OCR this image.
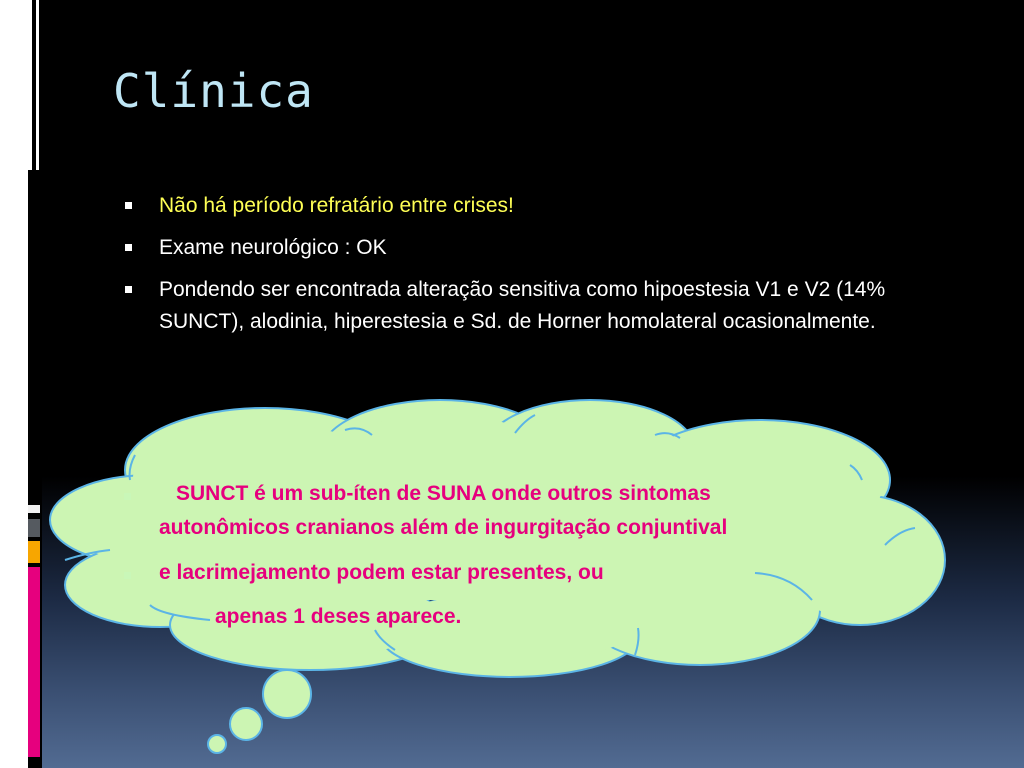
Clínica
Não há período refratário entre crises!
Exame neurológico : OK
Pondendo ser encontrada alteração sensitiva como hipoestesia V1 e V2 (14% SUNCT), alodinia, hiperestesia e Sd. de Horner homolateral ocasionalmente.
SUNCT é um sub-íten de SUNA onde outros sintomas
autonômicos cranianos além de ingurgitação conjuntival
e lacrimejamento podem estar presentes, ou
apenas 1 deses aparece.
